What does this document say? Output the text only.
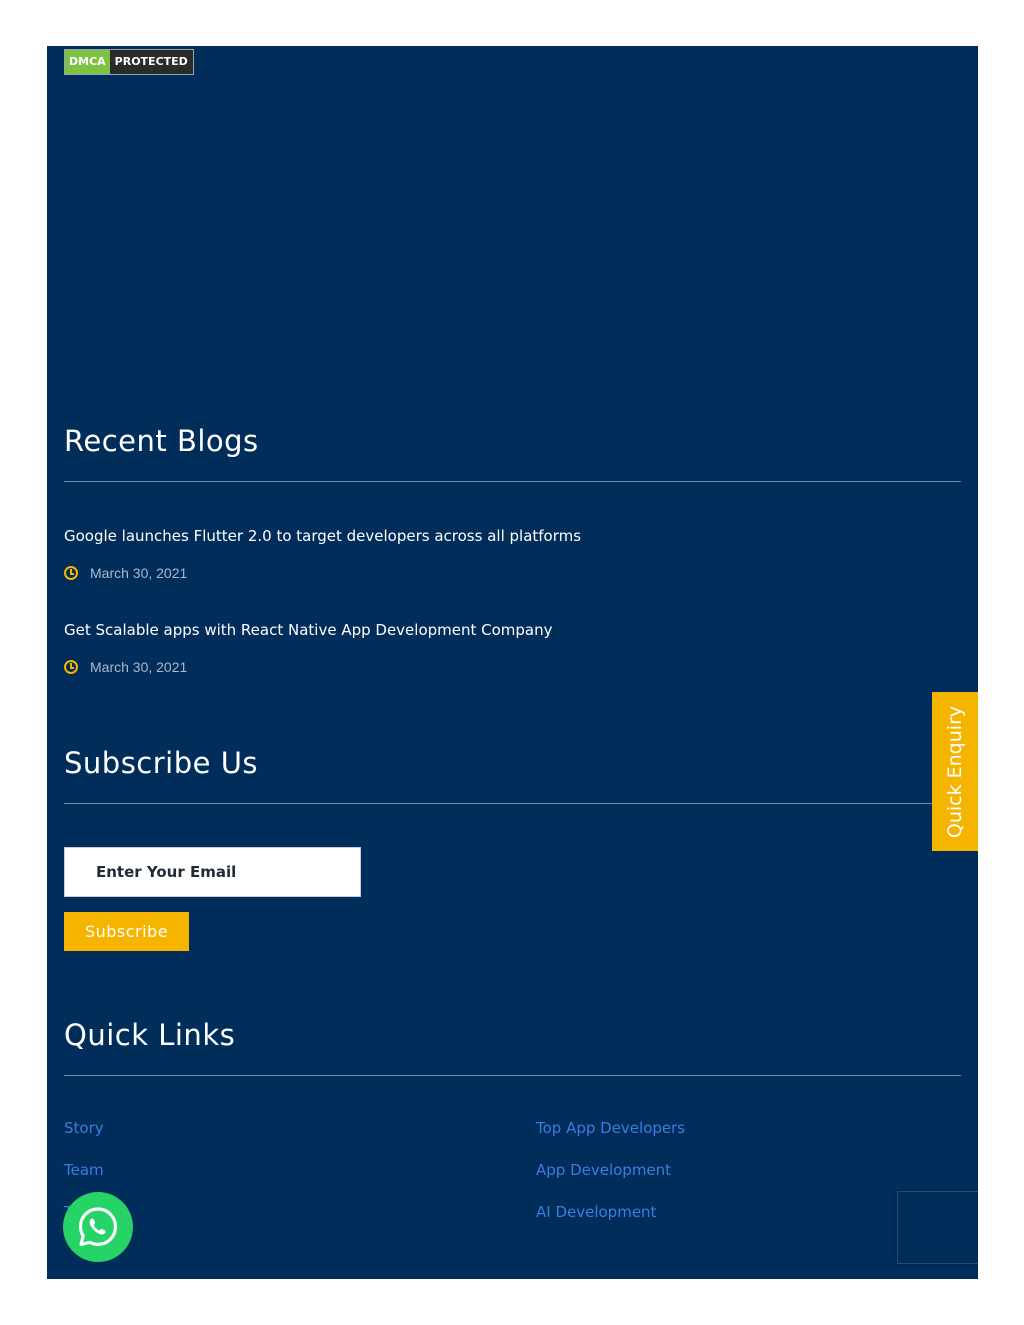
DMCA PROTECTED
Recent Blogs
Google launches Flutter 2.0 to target developers across all platforms
March 30, 2021
Get Scalable apps with React Native App Development Company
March 30, 2021
Subscribe Us
Enter Your Email
Subscribe
Quick Enquiry
Quick Links
Story
Team
Top App Developers
App Development
AI Development
